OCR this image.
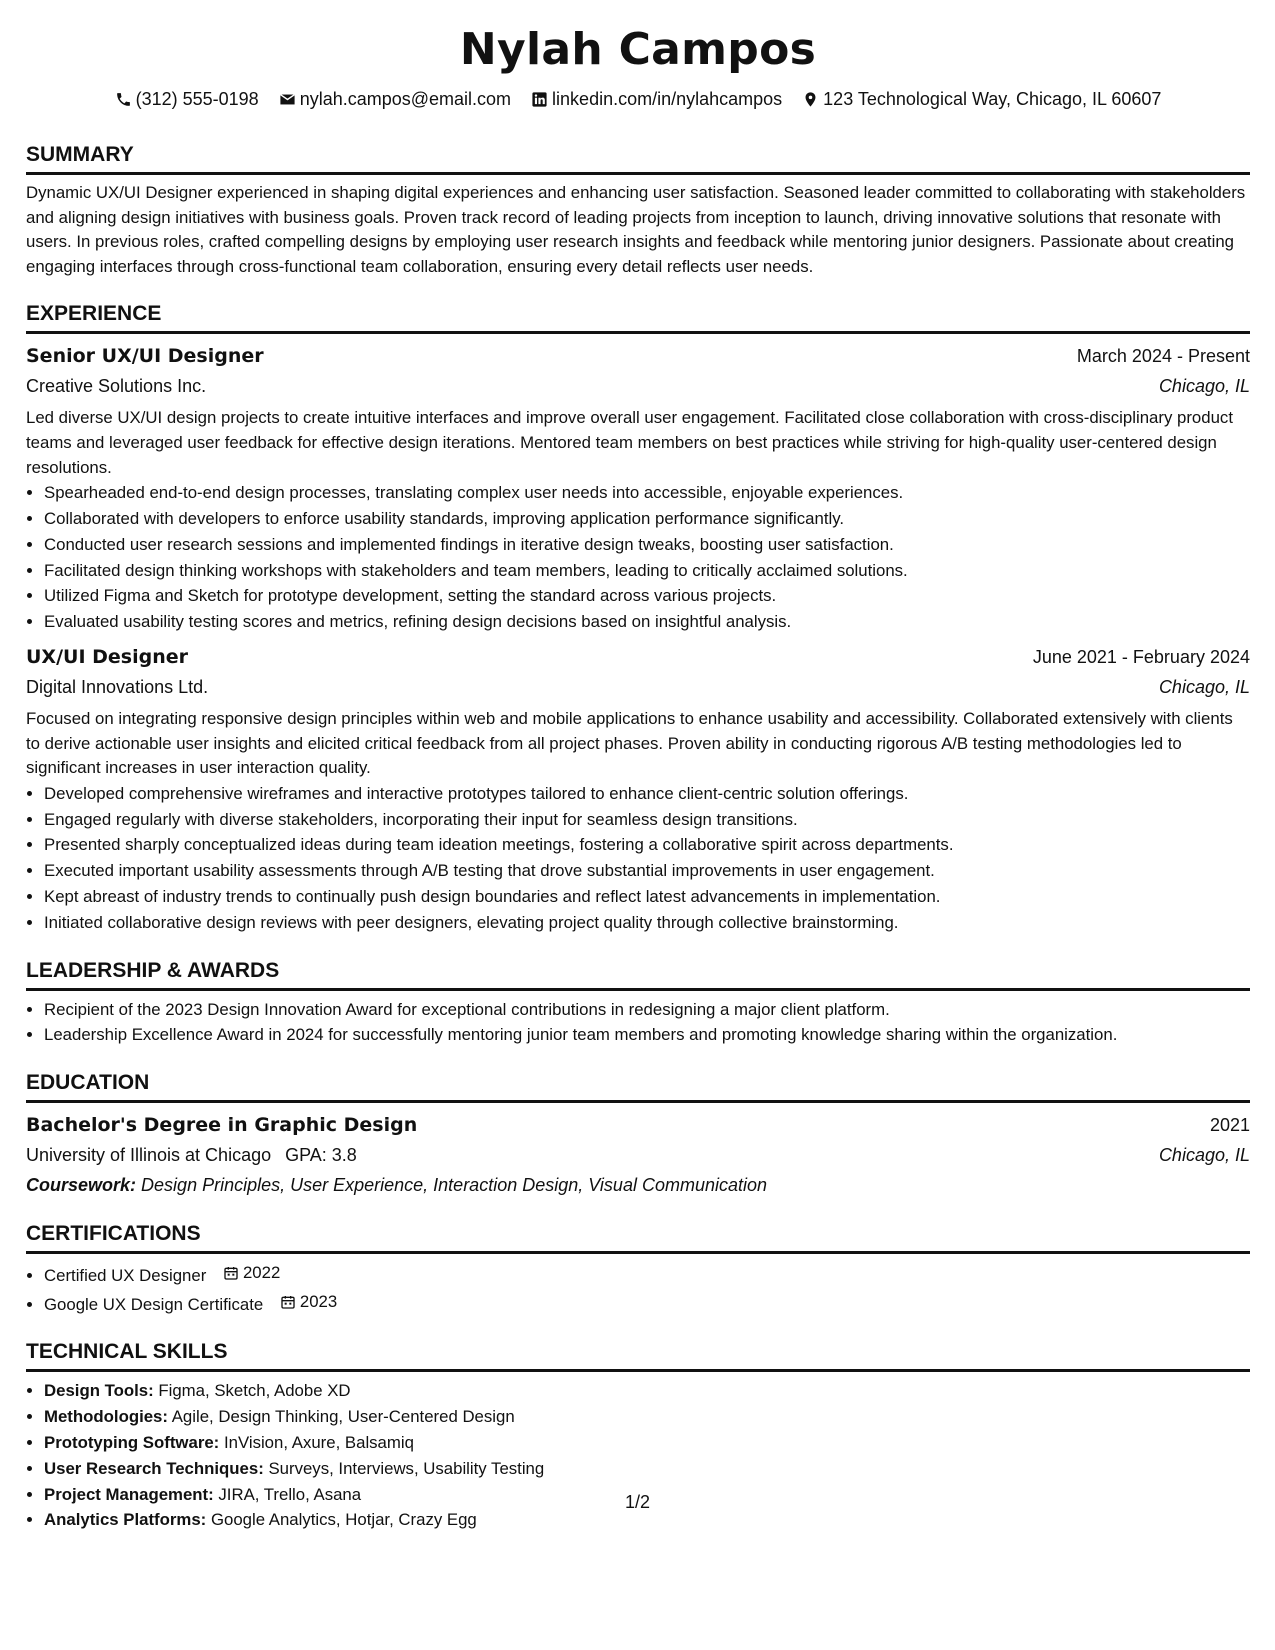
Nylah Campos
(312) 555-0198 nylah.campos@email.com linkedin.com/in/nylahcampos 123 Technological Way, Chicago, IL 60607
SUMMARY
Dynamic UX/UI Designer experienced in shaping digital experiences and enhancing user satisfaction. Seasoned leader committed to collaborating with stakeholders and aligning design initiatives with business goals. Proven track record of leading projects from inception to launch, driving innovative solutions that resonate with users. In previous roles, crafted compelling designs by employing user research insights and feedback while mentoring junior designers. Passionate about creating engaging interfaces through cross-functional team collaboration, ensuring every detail reflects user needs.
EXPERIENCE
Senior UX/UI Designer	March 2024 - Present
Creative Solutions Inc.	Chicago, IL
Led diverse UX/UI design projects to create intuitive interfaces and improve overall user engagement. Facilitated close collaboration with cross-disciplinary product teams and leveraged user feedback for effective design iterations. Mentored team members on best practices while striving for high-quality user-centered design resolutions.
• Spearheaded end-to-end design processes, translating complex user needs into accessible, enjoyable experiences.
• Collaborated with developers to enforce usability standards, improving application performance significantly.
• Conducted user research sessions and implemented findings in iterative design tweaks, boosting user satisfaction.
• Facilitated design thinking workshops with stakeholders and team members, leading to critically acclaimed solutions.
• Utilized Figma and Sketch for prototype development, setting the standard across various projects.
• Evaluated usability testing scores and metrics, refining design decisions based on insightful analysis.
UX/UI Designer	June 2021 - February 2024
Digital Innovations Ltd.	Chicago, IL
Focused on integrating responsive design principles within web and mobile applications to enhance usability and accessibility. Collaborated extensively with clients to derive actionable user insights and elicited critical feedback from all project phases. Proven ability in conducting rigorous A/B testing methodologies led to significant increases in user interaction quality.
• Developed comprehensive wireframes and interactive prototypes tailored to enhance client-centric solution offerings.
• Engaged regularly with diverse stakeholders, incorporating their input for seamless design transitions.
• Presented sharply conceptualized ideas during team ideation meetings, fostering a collaborative spirit across departments.
• Executed important usability assessments through A/B testing that drove substantial improvements in user engagement.
• Kept abreast of industry trends to continually push design boundaries and reflect latest advancements in implementation.
• Initiated collaborative design reviews with peer designers, elevating project quality through collective brainstorming.
LEADERSHIP & AWARDS
• Recipient of the 2023 Design Innovation Award for exceptional contributions in redesigning a major client platform.
• Leadership Excellence Award in 2024 for successfully mentoring junior team members and promoting knowledge sharing within the organization.
EDUCATION
Bachelor's Degree in Graphic Design	2021
University of Illinois at Chicago GPA: 3.8	Chicago, IL
Coursework: Design Principles, User Experience, Interaction Design, Visual Communication
CERTIFICATIONS
• Certified UX Designer 2022
• Google UX Design Certificate 2023
TECHNICAL SKILLS
• Design Tools: Figma, Sketch, Adobe XD
• Methodologies: Agile, Design Thinking, User-Centered Design
• Prototyping Software: InVision, Axure, Balsamiq
• User Research Techniques: Surveys, Interviews, Usability Testing
• Project Management: JIRA, Trello, Asana
• Analytics Platforms: Google Analytics, Hotjar, Crazy Egg
1/2
